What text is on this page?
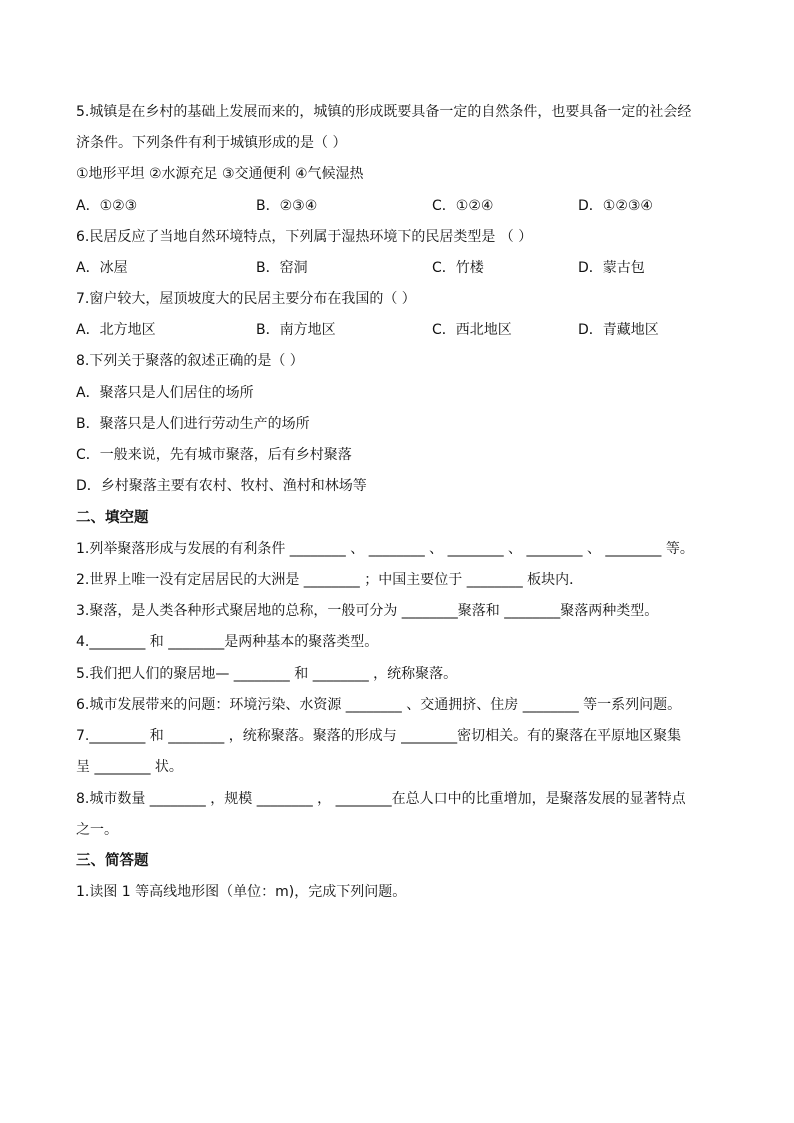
5.城镇是在乡村的基础上发展而来的，城镇的形成既要具备一定的自然条件，也要具备一定的社会经
济条件。下列条件有利于城镇形成的是（ ）
①地形平坦 ②水源充足 ③交通便利 ④气候湿热
A．①②③	B．②③④	C．①②④	D．①②③④
6.民居反应了当地自然环境特点，下列属于湿热环境下的民居类型是 （ ）
A．冰屋	B．窑洞	C．竹楼	D．蒙古包
7.窗户较大，屋顶坡度大的民居主要分布在我国的（ ）
A．北方地区	B．南方地区	C．西北地区	D．青藏地区
8.下列关于聚落的叙述正确的是（ ）
A．聚落只是人们居住的场所
B．聚落只是人们进行劳动生产的场所
C．一般来说，先有城市聚落，后有乡村聚落
D．乡村聚落主要有农村、牧村、渔村和林场等
二、填空题
1.列举聚落形成与发展的有利条件 ________ 、 ________ 、 ________ 、 ________ 、 ________ 等。
2.世界上唯一没有定居居民的大洲是 ________ ；中国主要位于 ________ 板块内．
3.聚落，是人类各种形式聚居地的总称，一般可分为 ________聚落和 ________聚落两种类型。
4.________ 和 ________是两种基本的聚落类型。
5.我们把人们的聚居地— ________ 和 ________ ，统称聚落。
6.城市发展带来的问题：环境污染、水资源 ________ 、交通拥挤、住房 ________ 等一系列问题。
7.________ 和 ________ ，统称聚落。聚落的形成与 ________密切相关。有的聚落在平原地区聚集
呈 ________ 状。
8.城市数量 ________ ，规模 ________ ， ________在总人口中的比重增加，是聚落发展的显著特点
之一。
三、简答题
1.读图 1 等高线地形图（单位：m)，完成下列问题。
